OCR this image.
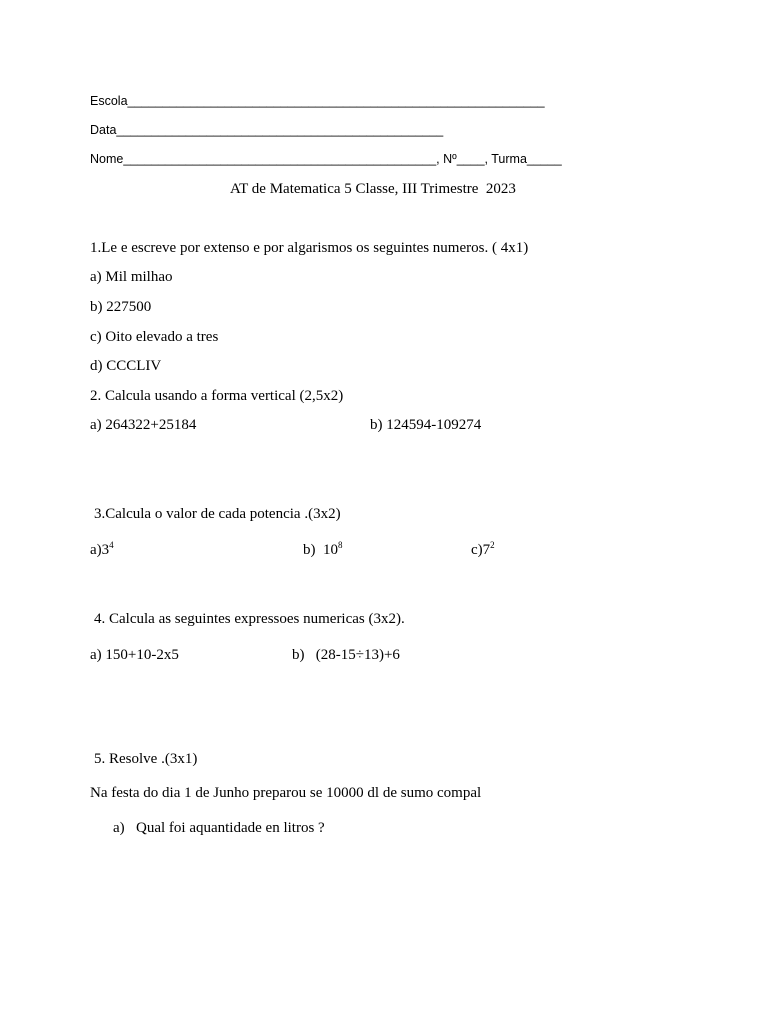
Escola____________________________________________________________
Data_______________________________________________
Nome_____________________________________________, Nº____, Turma_____
AT de Matematica 5 Classe, III Trimestre  2023
1.Le e escreve por extenso e por algarismos os seguintes numeros. ( 4x1)
a) Mil milhao
b) 227500
c) Oito elevado a tres
d) CCCLIV
2. Calcula usando a forma vertical (2,5x2)
a) 264322+25184	b) 124594-109274
3.Calcula o valor de cada potencia .(3x2)
$a)3^4$	b)  $10^8$	$c)7^2$
4. Calcula as seguintes expressoes numericas (3x2).
a) 150+10-2x5	b)   (28-15÷13)+6
5. Resolve .(3x1)
Na festa do dia 1 de Junho preparou se 10000 dl de sumo compal
a) Qual foi aquantidade en litros ?
